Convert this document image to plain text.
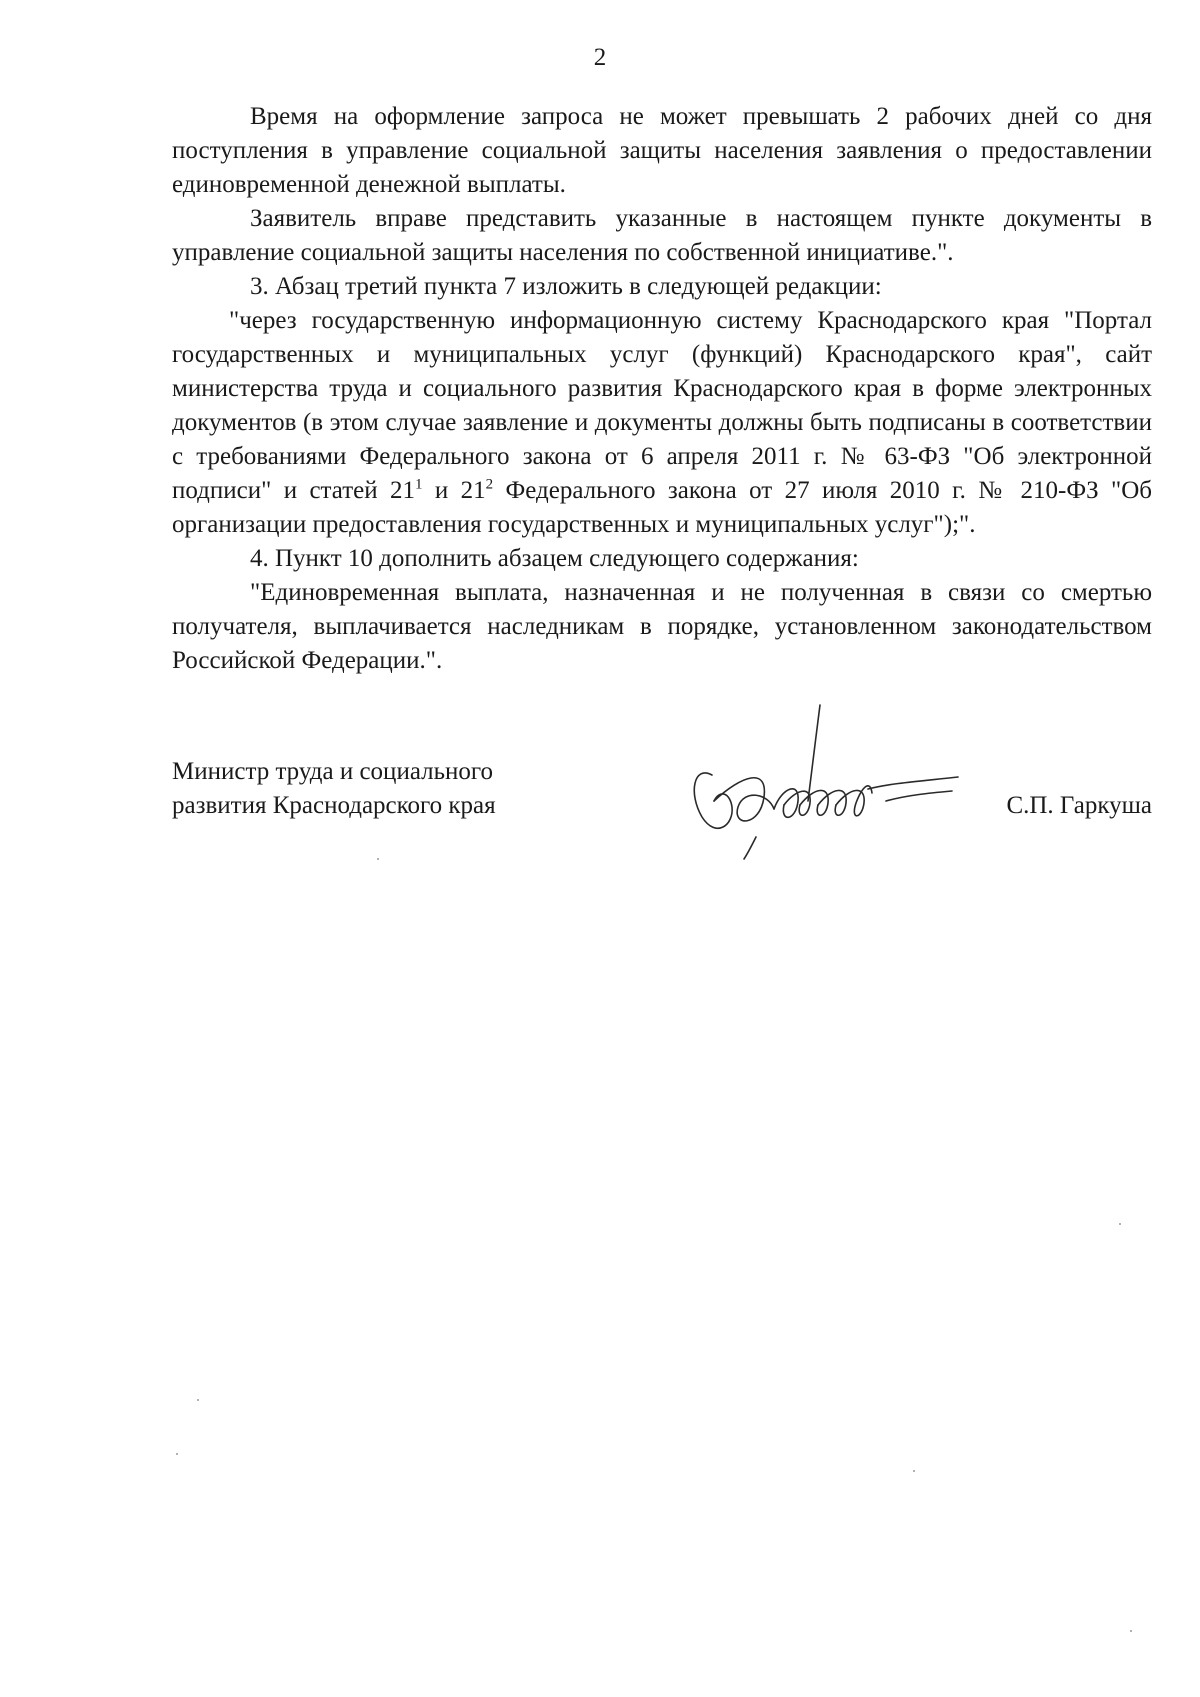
2

Время на оформление запроса не может превышать 2 рабочих дней со дня поступления в управление социальной защиты населения заявления о предоставлении единовременной денежной выплаты.

Заявитель вправе представить указанные в настоящем пункте документы в управление социальной защиты населения по собственной инициативе.".

3. Абзац третий пункта 7 изложить в следующей редакции:

"через государственную информационную систему Краснодарского края "Портал государственных и муниципальных услуг (функций) Краснодарского края", сайт министерства труда и социального развития Краснодарского края в форме электронных документов (в этом случае заявление и документы должны быть подписаны в соответствии с требованиями Федерального закона от 6 апреля 2011 г. № 63-ФЗ "Об электронной подписи" и статей $21^1$ и $21^2$ Федерального закона от 27 июля 2010 г. № 210-ФЗ "Об организации предоставления государственных и муниципальных услуг");".

4. Пункт 10 дополнить абзацем следующего содержания:

"Единовременная выплата, назначенная и не полученная в связи со смертью получателя, выплачивается наследникам в порядке, установленном законодательством Российской Федерации.".

Министр труда и социального
развития Краснодарского края	С.П. Гаркуша
